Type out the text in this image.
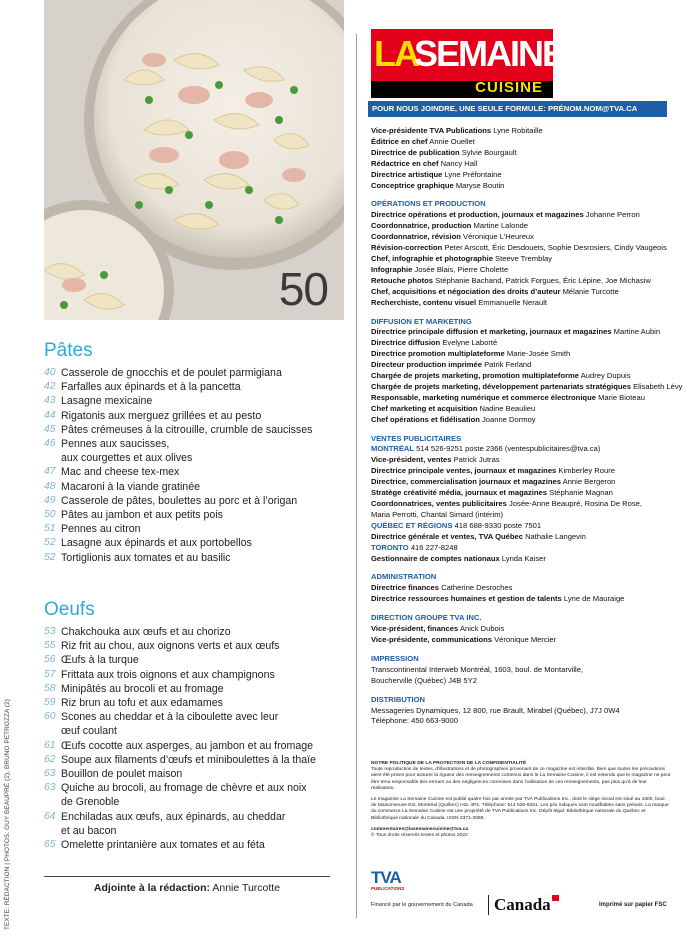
50
TEXTE: RÉDACTION | PHOTOS: GUY BEAUPRÉ (2), BRUNO PETROZZA (2)
Pâtes
40 Casserole de gnocchis et de poulet parmigiana
42 Farfalles aux épinards et à la pancetta
43 Lasagne mexicaine
44 Rigatonis aux merguez grillées et au pesto
45 Pâtes crémeuses à la citrouille, crumble de saucisses
46 Pennes aux saucisses,
aux courgettes et aux olives
47 Mac and cheese tex-mex
48 Macaroni à la viande gratinée
49 Casserole de pâtes, boulettes au porc et à l’origan
50 Pâtes au jambon et aux petits pois
51 Pennes au citron
52 Lasagne aux épinards et aux portobellos
52 Tortiglionis aux tomates et au basilic
Oeufs
53 Chakchouka aux œufs et au chorizo
55 Riz frit au chou, aux oignons verts et aux œufs
56 Œufs à la turque
57 Frittata aux trois oignons et aux champignons
58 Minipâtés au brocoli et au fromage
59 Riz brun au tofu et aux edamames
60 Scones au cheddar et à la ciboulette avec leur
œuf coulant
61 Œufs cocotte aux asperges, au jambon et au fromage
62 Soupe aux filaments d’œufs et miniboulettes à la thaïe
63 Bouillon de poulet maison
63 Quiche au brocoli, au fromage de chèvre et aux noix
de Grenoble
64 Enchiladas aux œufs, aux épinards, au cheddar
et au bacon
65 Omelette printanière aux tomates et au féta
Adjointe à la rédaction: Annie Turcotte
LA
SEMAINE
CUISINE
POUR NOUS JOINDRE, UNE SEULE FORMULE: PRÉNOM.NOM@TVA.CA
Vice-présidente TVA Publications Lyne Robitaille
Éditrice en chef Annie Ouellet
Directrice de publication Sylvie Bourgault
Rédactrice en chef Nancy Hall
Directrice artistique Lyne Préfontaine
Conceptrice graphique Maryse Boutin
OPÉRATIONS ET PRODUCTION
Directrice opérations et production, journaux et magazines Johanne Perron
Coordonnatrice, production Martine Lalonde
Coordonnatrice, révision Véronique L’Heureux
Révision-correction Peter Arscott, Éric Desdouets, Sophie Desrosiers, Cindy Vaugeois
Chef, infographie et photographie Steeve Tremblay
Infographie Josée Blais, Pierre Cholette
Retouche photos Stéphanie Bachand, Patrick Forgues, Éric Lépine, Joe Michasiw
Chef, acquisitions et négociation des droits d’auteur Mélanie Turcotte
Recherchiste, contenu visuel Emmanuelle Nerault
DIFFUSION ET MARKETING
Directrice principale diffusion et marketing, journaux et magazines Martine Aubin
Directrice diffusion Evelyne Laborté
Directrice promotion multiplateforme Marie-Josée Smith
Directeur production imprimée Patrik Ferland
Chargée de projets marketing, promotion multiplateforme Audrey Dupuis
Chargée de projets marketing, développement partenariats stratégiques Elisabeth Lévy
Responsable, marketing numérique et commerce électronique Marie Bioteau
Chef marketing et acquisition Nadine Beaulieu
Chef opérations et fidélisation Joanne Dormoy
VENTES PUBLICITAIRES
MONTRÉAL 514 526-9251 poste 2366 (ventespublicitaires@tva.ca)
Vice-président, ventes Patrick Jutras
Directrice principale ventes, journaux et magazines Kimberley Roure
Directrice, commercialisation journaux et magazines Annie Bergeron
Stratège créativité média, journaux et magazines Stéphanie Magnan
Coordonnatrices, ventes publicitaires Josée-Anne Beaupré, Rosina De Rose,
Maria Perrotti, Chantal Simard (intérim)
QUÉBEC ET RÉGIONS 418 688-9330 poste 7501
Directrice générale et ventes, TVA Québec Nathalie Langevin
TORONTO 416 227-8248
Gestionnaire de comptes nationaux Lynda Kaiser
ADMINISTRATION
Directrice finances Catherine Desroches
Directrice ressources humaines et gestion de talents Lyne de Mauraige
DIRECTION GROUPE TVA INC.
Vice-président, finances Anick Dubois
Vice-présidente, communications Véronique Mercier
IMPRESSION
Transcontinental Interweb Montréal, 1603, boul. de Montarville,
Boucherville (Québec) J4B 5Y2
DISTRIBUTION
Messageries Dynamiques, 12 800, rue Brault, Mirabel (Québec), J7J 0W4
Téléphone: 450 663-9000
NOTRE POLITIQUE DE LA PROTECTION DE LA CONFIDENTIALITÉ
Toute reproduction de textes, d’illustrations et de photographies provenant de ce magazine est interdite. Bien que toutes les précautions aient été prises pour assurer la rigueur des renseignements contenus dans le La Semaine Cuisine, il est entendu que le magazine ne peut être tenu responsable des erreurs ou des négligences commises dans l’utilisation de ces renseignements, pas plus qu’à de leur réalisation.
Le magazine La Semaine Cuisine est publié quatre fois par année par TVA Publications Inc., dont le siège social est situé au 1600, boul. de Maisonneuve Est, Montréal (Québec) H2L 4P2. Téléphone: 514 526-9251. Les prix indiqués sont modifiables sans préavis. La marque du commerce La Semaine Cuisine est une propriété de TVA Publications Inc. Dépôt légal: Bibliothèque nationale du Québec et Bibliothèque nationale du Canada. ISSN 2371-3089.
commentaires@lasemainecuisine@tva.ca
© Tous droits réservés textes et photos 2022
TVA
PUBLICATIONS
Financé par le gouvernement du Canada Canada	Imprimé sur papier FSC
